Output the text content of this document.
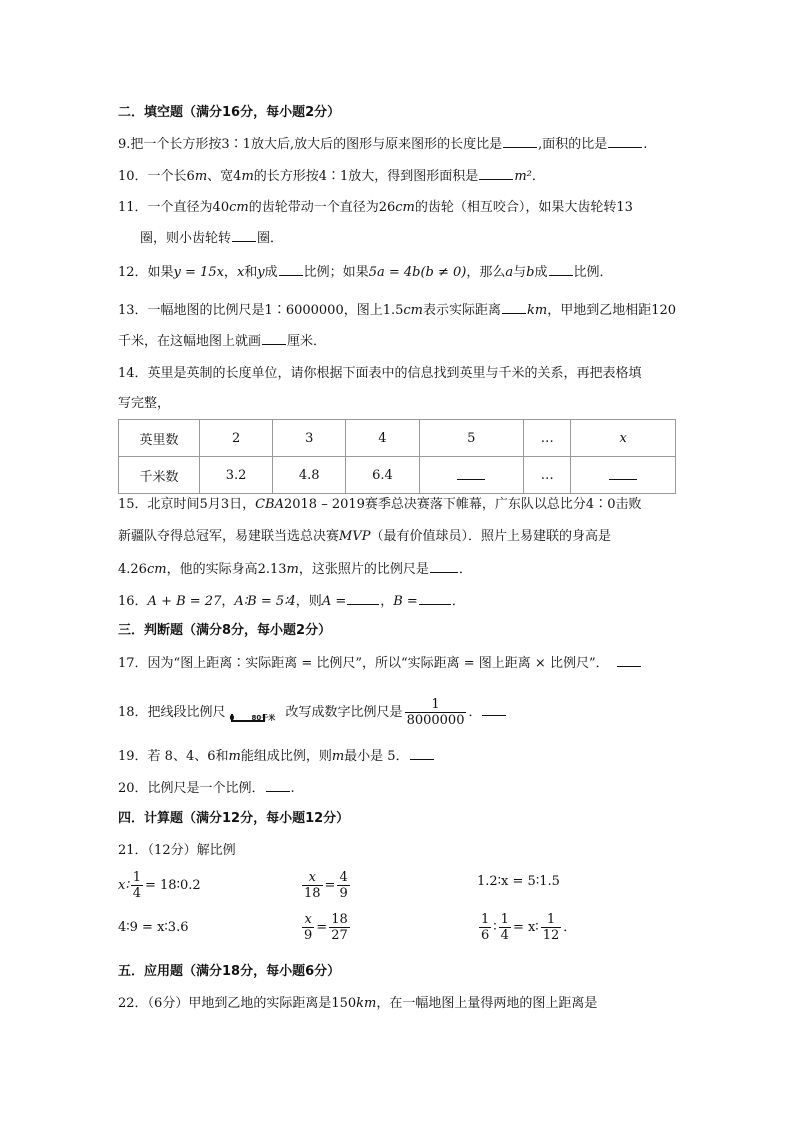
二．填空题（满分16分，每小题2分）
9.把一个长方形按3∶1放大后,放大后的图形与原来图形的长度比是	,面积的比是	.
10．一个长6m、宽4m的长方形按4∶1放大，得到图形面积是	m²．
11．一个直径为40cm的齿轮带动一个直径为26cm的齿轮（相互咬合），如果大齿轮转13
圈，则小齿轮转 圈．
12．如果y = 15x，x和y成 比例；如果5a = 4b(b ≠ 0)，那么a与b成 比例．
13．一幅地图的比例尺是1∶6000000，图上1.5cm表示实际距离 km，甲地到乙地相距120
千米，在这幅地图上就画 厘米．
14．英里是英制的长度单位，请你根据下面表中的信息找到英里与千米的关系，再把表格填
写完整，
英里数	2	3	4	5	…	x
千米数	3.2	4.8	6.4		…	
15．北京时间5月3日，CBA2018 – 2019赛季总决赛落下帷幕，广东队以总比分4∶0击败
新疆队夺得总冠军，易建联当选总决赛MVP（最有价值球员）．照片上易建联的身高是
4.26cm，他的实际身高2.13m，这张照片的比例尺是 ．
16．A + B = 27，A∶B = 5∶4，则A =	，B =	．
三．判断题（满分8分，每小题2分）
17．因为“图上距离∶实际距离 = 比例尺”，所以“实际距离 = 图上距离 × 比例尺”．
18．把线段比例尺 0 80千米 改写成数字比例尺是 $\frac{1}{8000000}$ ．
19．若 8、4、6和m能组成比例，则m最小是 5．
20．比例尺是一个比例． .
四．计算题（满分12分，每小题12分）
21．（12分）解比例
x∶ $\frac{1}{4}$ = 18∶0.2	$\frac{x}{18} = \frac{4}{9}$	1.2∶x = 5∶1.5
4∶9 = x∶3.6	$\frac{x}{9} = \frac{18}{27}$	$\frac{1}{6}$ ∶ $\frac{1}{4}$ = x∶ $\frac{1}{12}$ ．
五．应用题（满分18分，每小题6分）
22．（6分）甲地到乙地的实际距离是150km，在一幅地图上量得两地的图上距离是
